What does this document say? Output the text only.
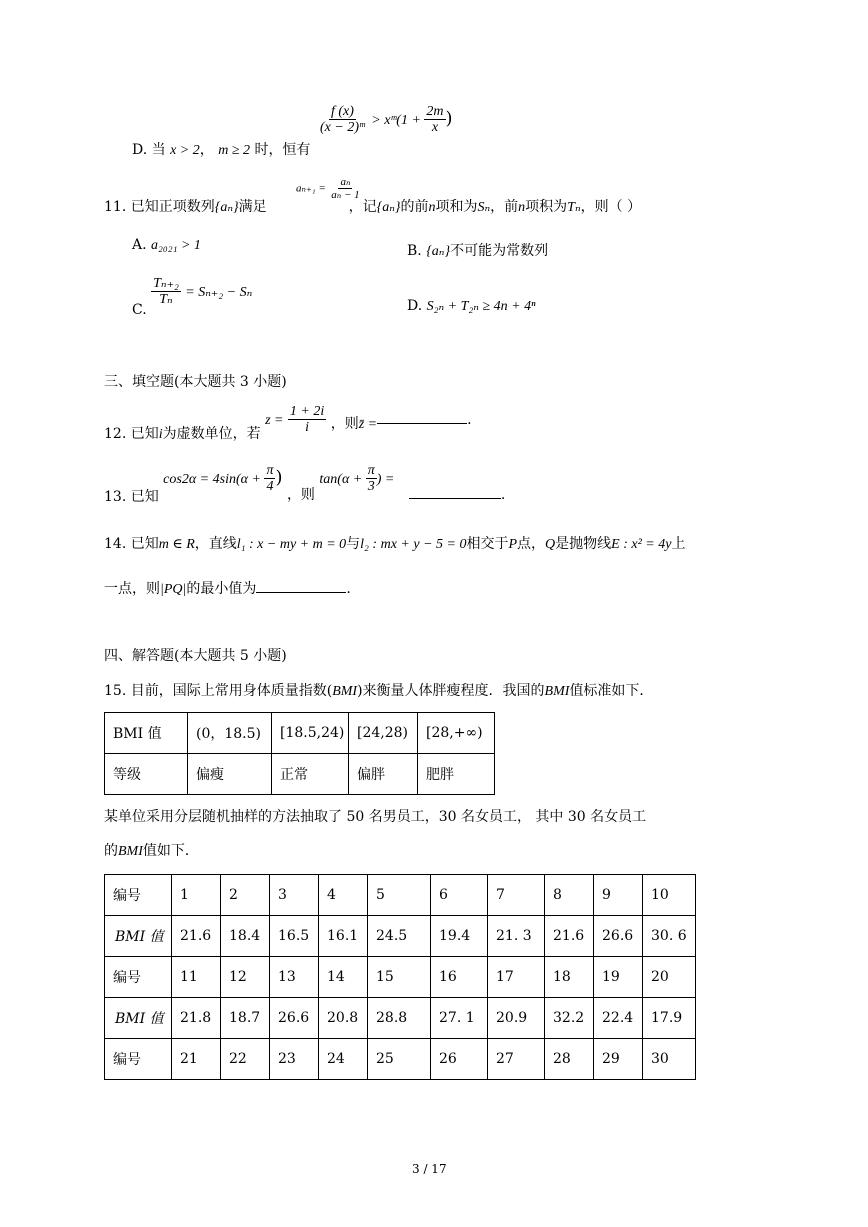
$\frac{f (x)}{\text{(x − 2)ᵐ}}$ > xᵐ(1 + $\frac{2m}{x}$ )
D. 当 x > 2， m ≥ 2 时，恒有
$a_{n+1} = \frac{\text{aₙ}}{\text{aₙ − 1}}$
11. 已知正项数列{aₙ}满足	，记{aₙ}的前n项和为Sₙ，前n项积为Tₙ，则（ ）
A. a₂₀₂₁ > 1	B. {aₙ}不可能为常数列
C.
$\frac{\text{Tₙ₊₂}}{\text{Tₙ}} = S_{n+2} - S_n$
D. S₂ₙ + T₂ₙ ≥ 4n + 4ⁿ
三、填空题(本大题共 3 小题)
12. 已知i为虚数单位，若 $z = \frac{1 + 2i}{i}$ ，则z̄ =	.
13. 已知 $\cos 2\alpha = 4\sin(\alpha + \frac{\pi}{4}$ ) ，则 $\tan(\alpha + \frac{\pi}{3}$ ) = .
14. 已知m ∈ R，直线l₁ : x − my + m = 0与l₂ : mx + y − 5 = 0相交于P点，Q是抛物线E : x² = 4y上
一点，则|PQ|的最小值为	.
四、解答题(本大题共 5 小题)
15. 目前，国际上常用身体质量指数(BMI)来衡量人体胖瘦程度．我国的BMI值标准如下．
BMI 值	(0，18.5)	[18.5,24)	[24,28)	[28,+∞)
等级	偏瘦	正常	偏胖	肥胖
某单位采用分层随机抽样的方法抽取了 50 名男员工，30 名女员工， 其中 30 名女员工
的BMI值如下．
编号	1	2	3	4	5	6	7	8	9	10
BMI 值	21.6	18.4	16.5	16.1	24.5	19.4	21. 3	21.6	26.6	30. 6
编号	11	12	13	14	15	16	17	18	19	20
BMI 值	21.8	18.7	26.6	20.8	28.8	27. 1	20.9	32.2	22.4	17.9
编号	21	22	23	24	25	26	27	28	29	30
3 / 17
